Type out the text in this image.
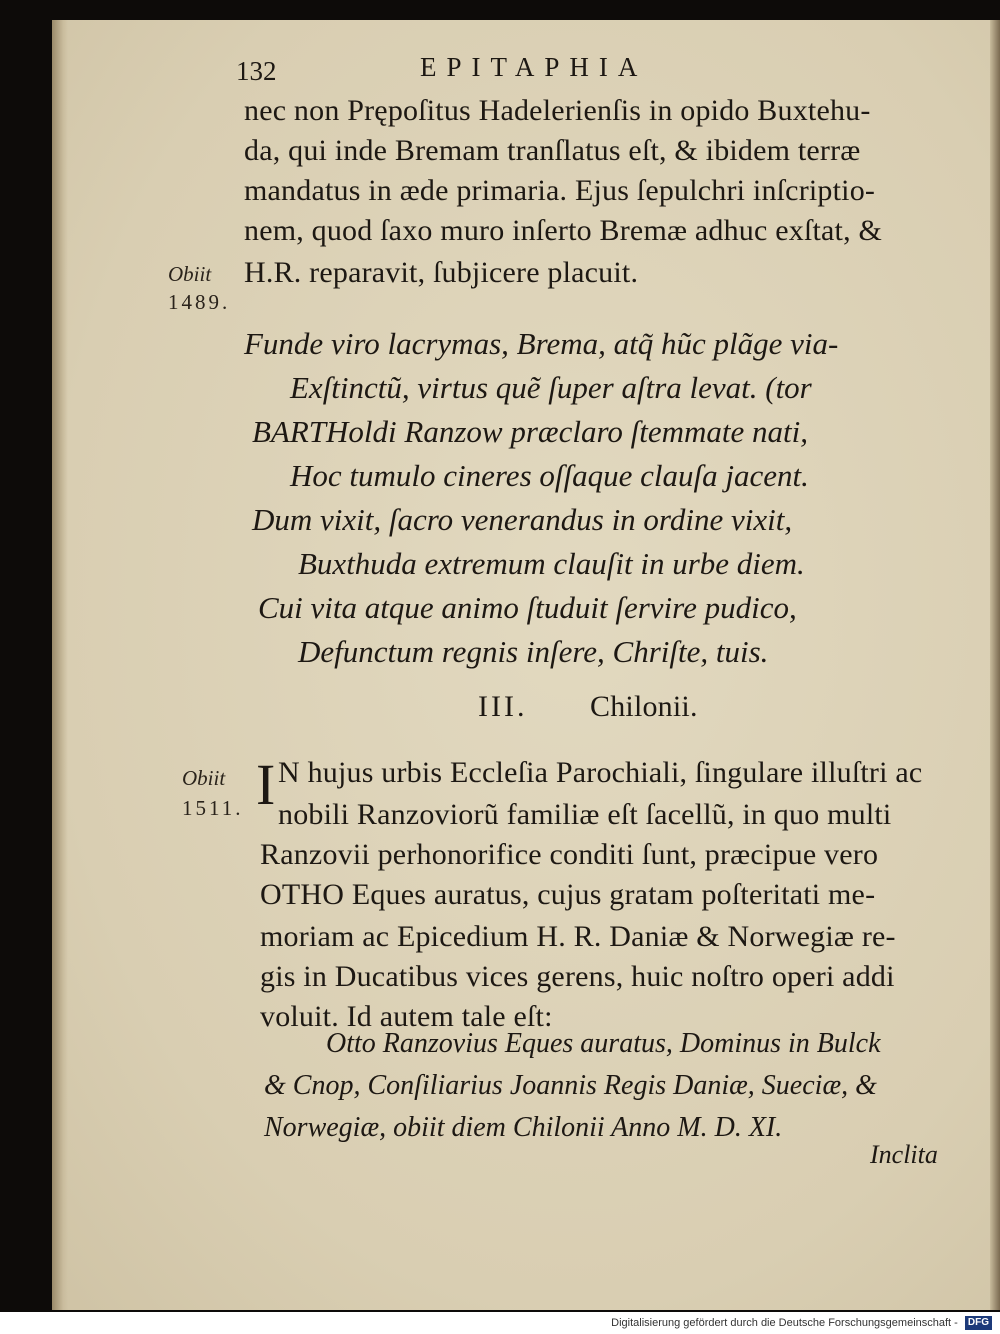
132	EPITAPHIA
nec non Prępoſitus Hadelerienſis in opido Buxtehu-
da, qui inde Bremam tranſlatus eſt, & ibidem terræ
mandatus in æde primaria. Ejus ſepulchri inſcriptio-
nem, quod ſaxo muro inſerto Bremæ adhuc exſtat, &
H.R. reparavit, ſubjicere placuit.
Obiit
1489.
Funde viro lacrymas, Brema, atq̃ hũc plãge via-
Exſtinctũ, virtus quẽ ſuper aſtra levat. (tor
BARTHoldi Ranzow præclaro ſtemmate nati,
Hoc tumulo cineres oſſaque clauſa jacent.
Dum vixit, ſacro venerandus in ordine vixit,
Buxthuda extremum clauſit in urbe diem.
Cui vita atque animo ſtuduit ſervire pudico,
Defunctum regnis inſere, Chriſte, tuis.
III. Chilonii.
Obiit
1511. I N hujus urbis Eccleſia Parochiali, ſingulare illuſtri ac
nobili Ranzoviorũ familiæ eſt ſacellũ, in quo multi
Ranzovii perhonorifice conditi ſunt, præcipue vero
OTHO Eques auratus, cujus gratam poſteritati me-
moriam ac Epicedium H. R. Daniæ & Norwegiæ re-
gis in Ducatibus vices gerens, huic noſtro operi addi
voluit. Id autem tale eſt:
Otto Ranzovius Eques auratus, Dominus in Bulck
& Cnop, Conſiliarius Joannis Regis Daniæ, Sueciæ, &
Norwegiæ, obiit diem Chilonii Anno M. D. XI.
Inclita
Digitalisierung gefördert durch die Deutsche Forschungsgemeinschaft - DFG
